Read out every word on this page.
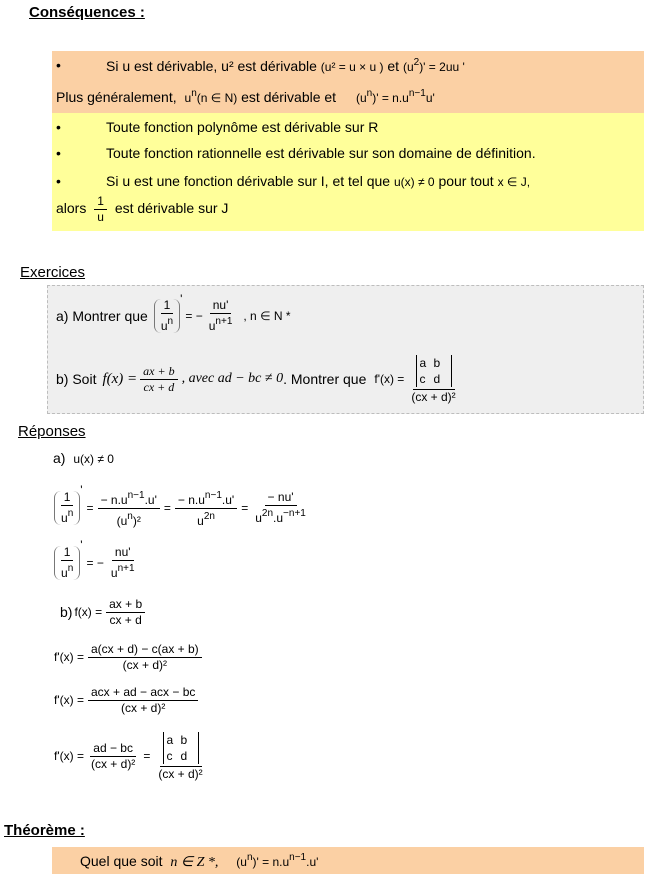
Conséquences :
•	Si u est dérivable, u² est dérivable (u² = u × u ) et $(u^2)' = 2uu$ '
Plus généralement, $u^n(n$ ∈ N) est dérivable et $(u^n)' = n.u^{n-1}u'$
•	Toute fonction polynôme est dérivable sur R
•	Toute fonction rationnelle est dérivable sur son domaine de définition.
•	Si u est une fonction dérivable sur I, et tel que u(x) ≠ 0 pour tout x ∈ J,
alors $\frac{1}{u}$ est dérivable sur J
Exercices
a) Montrer que $\frac{1}{u^n}$ '
= − $\frac{nu'}{u^{n+1}}$ , n ∈ N *
b) Soit $f(x) = \frac{ax + b}{cx + d}$ , avec ad − bc ≠ 0 . Montrer que f'(x) =
a b
c d
(cx + d)²
Réponses
a) u(x) ≠ 0
$\frac{1}{u^n}$
'
= $\frac{- n.u^{n-1}.u'}{(u^n)^2} = \frac{- n.u^{n-1}.u'}{u^{2n}} = \frac{- nu'}{u^{2n}.u^{-n+1}}$
$\frac{1}{u^n}$
'
= − $\frac{nu'}{u^{n+1}}$
b) $f(x) = \frac{ax + b}{cx + d}$
$f'(x) = \frac{a(cx + d) - c(ax + b)}{\text{(cx + d)²}}$
$f'(x) = \frac{\text{acx + ad − acx − bc}}{\text{(cx + d)²}}$
$f'(x) = \frac{ad - bc}{\text{(cx + d)²}}$ =
a b
c d
(cx + d)²
Théorème :
Quel que soit n ∈ Z *, $(u^n)' = n.u^{n-1}.u'$
